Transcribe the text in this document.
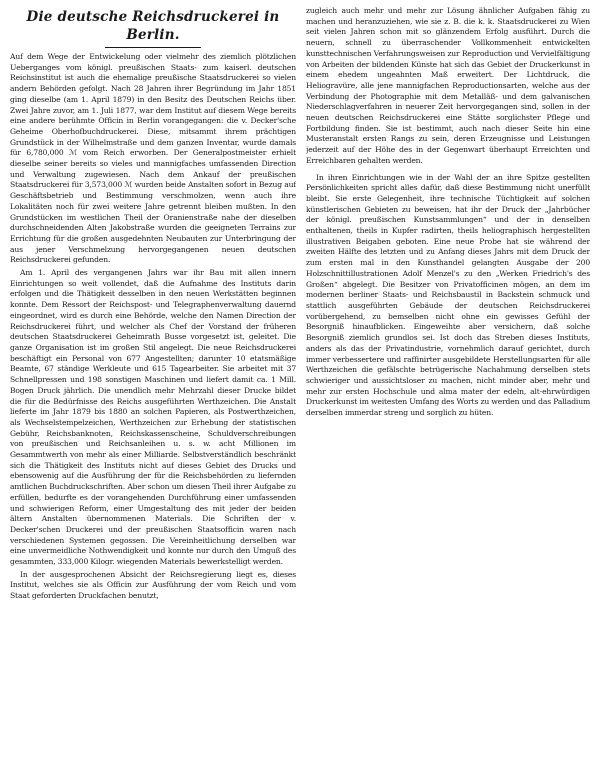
Die deutsche Reichsdruckerei in Berlin.

Auf dem Wege der Entwickelung oder vielmehr des ziemlich plötzlichen Ueberganges vom königl. preußischen Staats- zum kaiserl. deutschen Reichsinstitut ist auch die ehemalige preußische Staatsdruckerei so vielen andern Behörden gefolgt. Nach 28 Jahren ihrer Begründung im Jahr 1851 ging dieselbe (am 1. April 1879) in den Besitz des Deutschen Reichs über. Zwei Jahre zuvor, am 1. Juli 1877, war dem Institut auf diesem Wege bereits eine andere berühmte Officin in Berlin vorangegangen: die v. Decker'sche Geheime Oberhofbuchdruckerei. Diese, mitsammt ihrem prächtigen Grundstück in der Wilhelmstraße und dem ganzen Inventar, wurde damals für 6,780,000 ℳ vom Reich erworben. Der Generalpostmeister erhielt dieselbe seiner bereits so vieles und mannigfaches umfassenden Direction und Verwaltung zugewiesen. Nach dem Ankauf der preußischen Staatsdruckerei für 3,573,000 ℳ wurden beide Anstalten sofort in Bezug auf Geschäftsbetrieb und Bestimmung verschmolzen, wenn auch ihre Lokalitäten noch für zwei weitere Jahre getrennt bleiben mußten. In den Grundstücken im westlichen Theil der Oranienstraße nahe der dieselben durchschneidenden Alten Jakobstraße wurden die geeigneten Terrains zur Errichtung für die großen ausgedehnten Neubauten zur Unterbringung der aus jener Verschmelzung hervorgegangenen neuen deutschen Reichsdruckerei gefunden.

Am 1. April des vergangenen Jahrs war ihr Bau mit allen innern Einrichtungen so weit vollendet, daß die Aufnahme des Instituts darin erfolgen und die Thätigkeit desselben in den neuen Werkstätten beginnen konnte. Dem Ressort der Reichspost- und Telegraphenverwaltung dauernd eingeordnet, wird es durch eine Behörde, welche den Namen Direction der Reichsdruckerei führt, und welcher als Chef der Vorstand der früheren deutschen Staatsdruckerei Geheimrath Busse vorgesetzt ist, geleitet. Die ganze Organisation ist im großen Stil angelegt. Die neue Reichsdruckerei beschäftigt ein Personal von 677 Angestellten; darunter 10 etatsmäßige Beamte, 67 ständige Werkleute und 615 Tagearbeiter. Sie arbeitet mit 37 Schnellpressen und 198 sonstigen Maschinen und liefert damit ca. 1 Mill. Bogen Druck jährlich. Die unendlich mehr Mehrzahl dieser Drucke bildet die für die Bedürfnisse des Reichs ausgeführten Werthzeichen. Die Anstalt lieferte im Jahr 1879 bis 1880 an solchen Papieren, als Postwerthzeichen, als Wechselstempelzeichen, Werthzeichen zur Erhebung der statistischen Gebühr, Reichsbanknoten, Reichskassenscheine, Schuldverschreibungen von preußischen und Reichsanleihen u. s. w. acht Millionen im Gesammtwerth von mehr als einer Milliarde. Selbstverständlich beschränkt sich die Thätigkeit des Instituts nicht auf dieses Gebiet des Drucks und ebensowenig auf die Ausführung der für die Reichsbehörden zu liefernden amtlichen Buchdruckschriften. Aber schon um diesen Theil ihrer Aufgabe zu erfüllen, bedurfte es der vorangehenden Durchführung einer umfassenden und schwierigen Reform, einer Umgestaltung des mit jeder der beiden ältern Anstalten übernommenen Materials. Die Schriften der v. Decker'schen Druckerei und der preußischen Staatsofficin waren nach verschiedenen Systemen gegossen. Die Vereinheitlichung derselben war eine unvermeidliche Nothwendigkeit und konnte nur durch den Umguß des gesammten, 333,000 Kilogr. wiegenden Materials bewerkstelligt werden.

In der ausgesprochenen Absicht der Reichsregierung liegt es, dieses Institut, welches sie als Officin zur Ausführung der vom Reich und vom Staat geforderten Druckfachen benutzt,

zugleich auch mehr und mehr zur Lösung ähnlicher Aufgaben fähig zu machen und heranzuziehen, wie sie z. B. die k. k. Staatsdruckerei zu Wien seit vielen Jahren schon mit so glänzendem Erfolg ausführt. Durch die neuern, schnell zu überraschender Vollkommenheit entwickelten kunsttechnischen Verfahrungsweisen zur Reproduction und Vervielfältigung von Arbeiten der bildenden Künste hat sich das Gebiet der Druckerkunst in einem ehedem ungeahnten Maß erweitert. Der Lichtdruck, die Heliogravüre, alle jene mannigfachen Reproductionsarten, welche aus der Verbindung der Photographie mit dem Metalläß- und dem galvanischen Niederschlagverfahren in neuerer Zeit hervorgegangen sind, sollen in der neuen deutschen Reichsdruckerei eine Stätte sorglichster Pflege und Fortbildung finden. Sie ist bestimmt, auch nach dieser Seite hin eine Musteranstalt ersten Rangs zu sein, deren Erzeugnisse und Leistungen jederzeit auf der Höhe des in der Gegenwart überhaupt Erreichten und Erreichbaren gehalten werden.

In ihren Einrichtungen wie in der Wahl der an ihre Spitze gestellten Persönlichkeiten spricht alles dafür, daß diese Bestimmung nicht unerfüllt bleibt. Sie erste Gelegenheit, ihre technische Tüchtigkeit auf solchen künstlerischen Gebieten zu beweisen, hat ihr der Druck der „Jahrbücher der königl. preußischen Kunstsammlungen“ und der in denselben enthaltenen, theils in Kupfer radirten, theils heliographisch hergestellten illustrativen Beigaben geboten. Eine neue Probe hat sie während der zweiten Hälfte des letzten und zu Anfang dieses Jahrs mit dem Druck der zum ersten mal in den Kunsthandel gelangten Ausgabe der 200 Holzschnittillustrationen Adolf Menzel's zu den „Werken Friedrich's des Großen“ abgelegt. Die Besitzer von Privatofficinen mögen, an dem im modernen berliner Staats- und Reichsbaustil in Backstein schmuck und stattlich ausgeführten Gebäude der deutschen Reichsdruckerei vorübergehend, zu bemselben nicht ohne ein gewisses Gefühl der Besorgniß hinaufblicken. Eingeweihte aber versichern, daß solche Besorgniß ziemlich grundlos sei. Ist doch das Streben dieses Instituts, anders als das der Privatindustrie, vornehmlich darauf gerichtet, durch immer verbessertere und raffinirter ausgebildete Herstellungsarten für alle Werthzeichen die gefälschte betrügerische Nachahmung derselben stets schwieriger und aussichtsloser zu machen, nicht minder aber, mehr und mehr zur ersten Hochschule und alma mater der edeln, alt-ehrwürdigen Druckerkunst im weitesten Umfang des Worts zu werden und das Palladium derselben immerdar streng und sorglich zu hüten.
